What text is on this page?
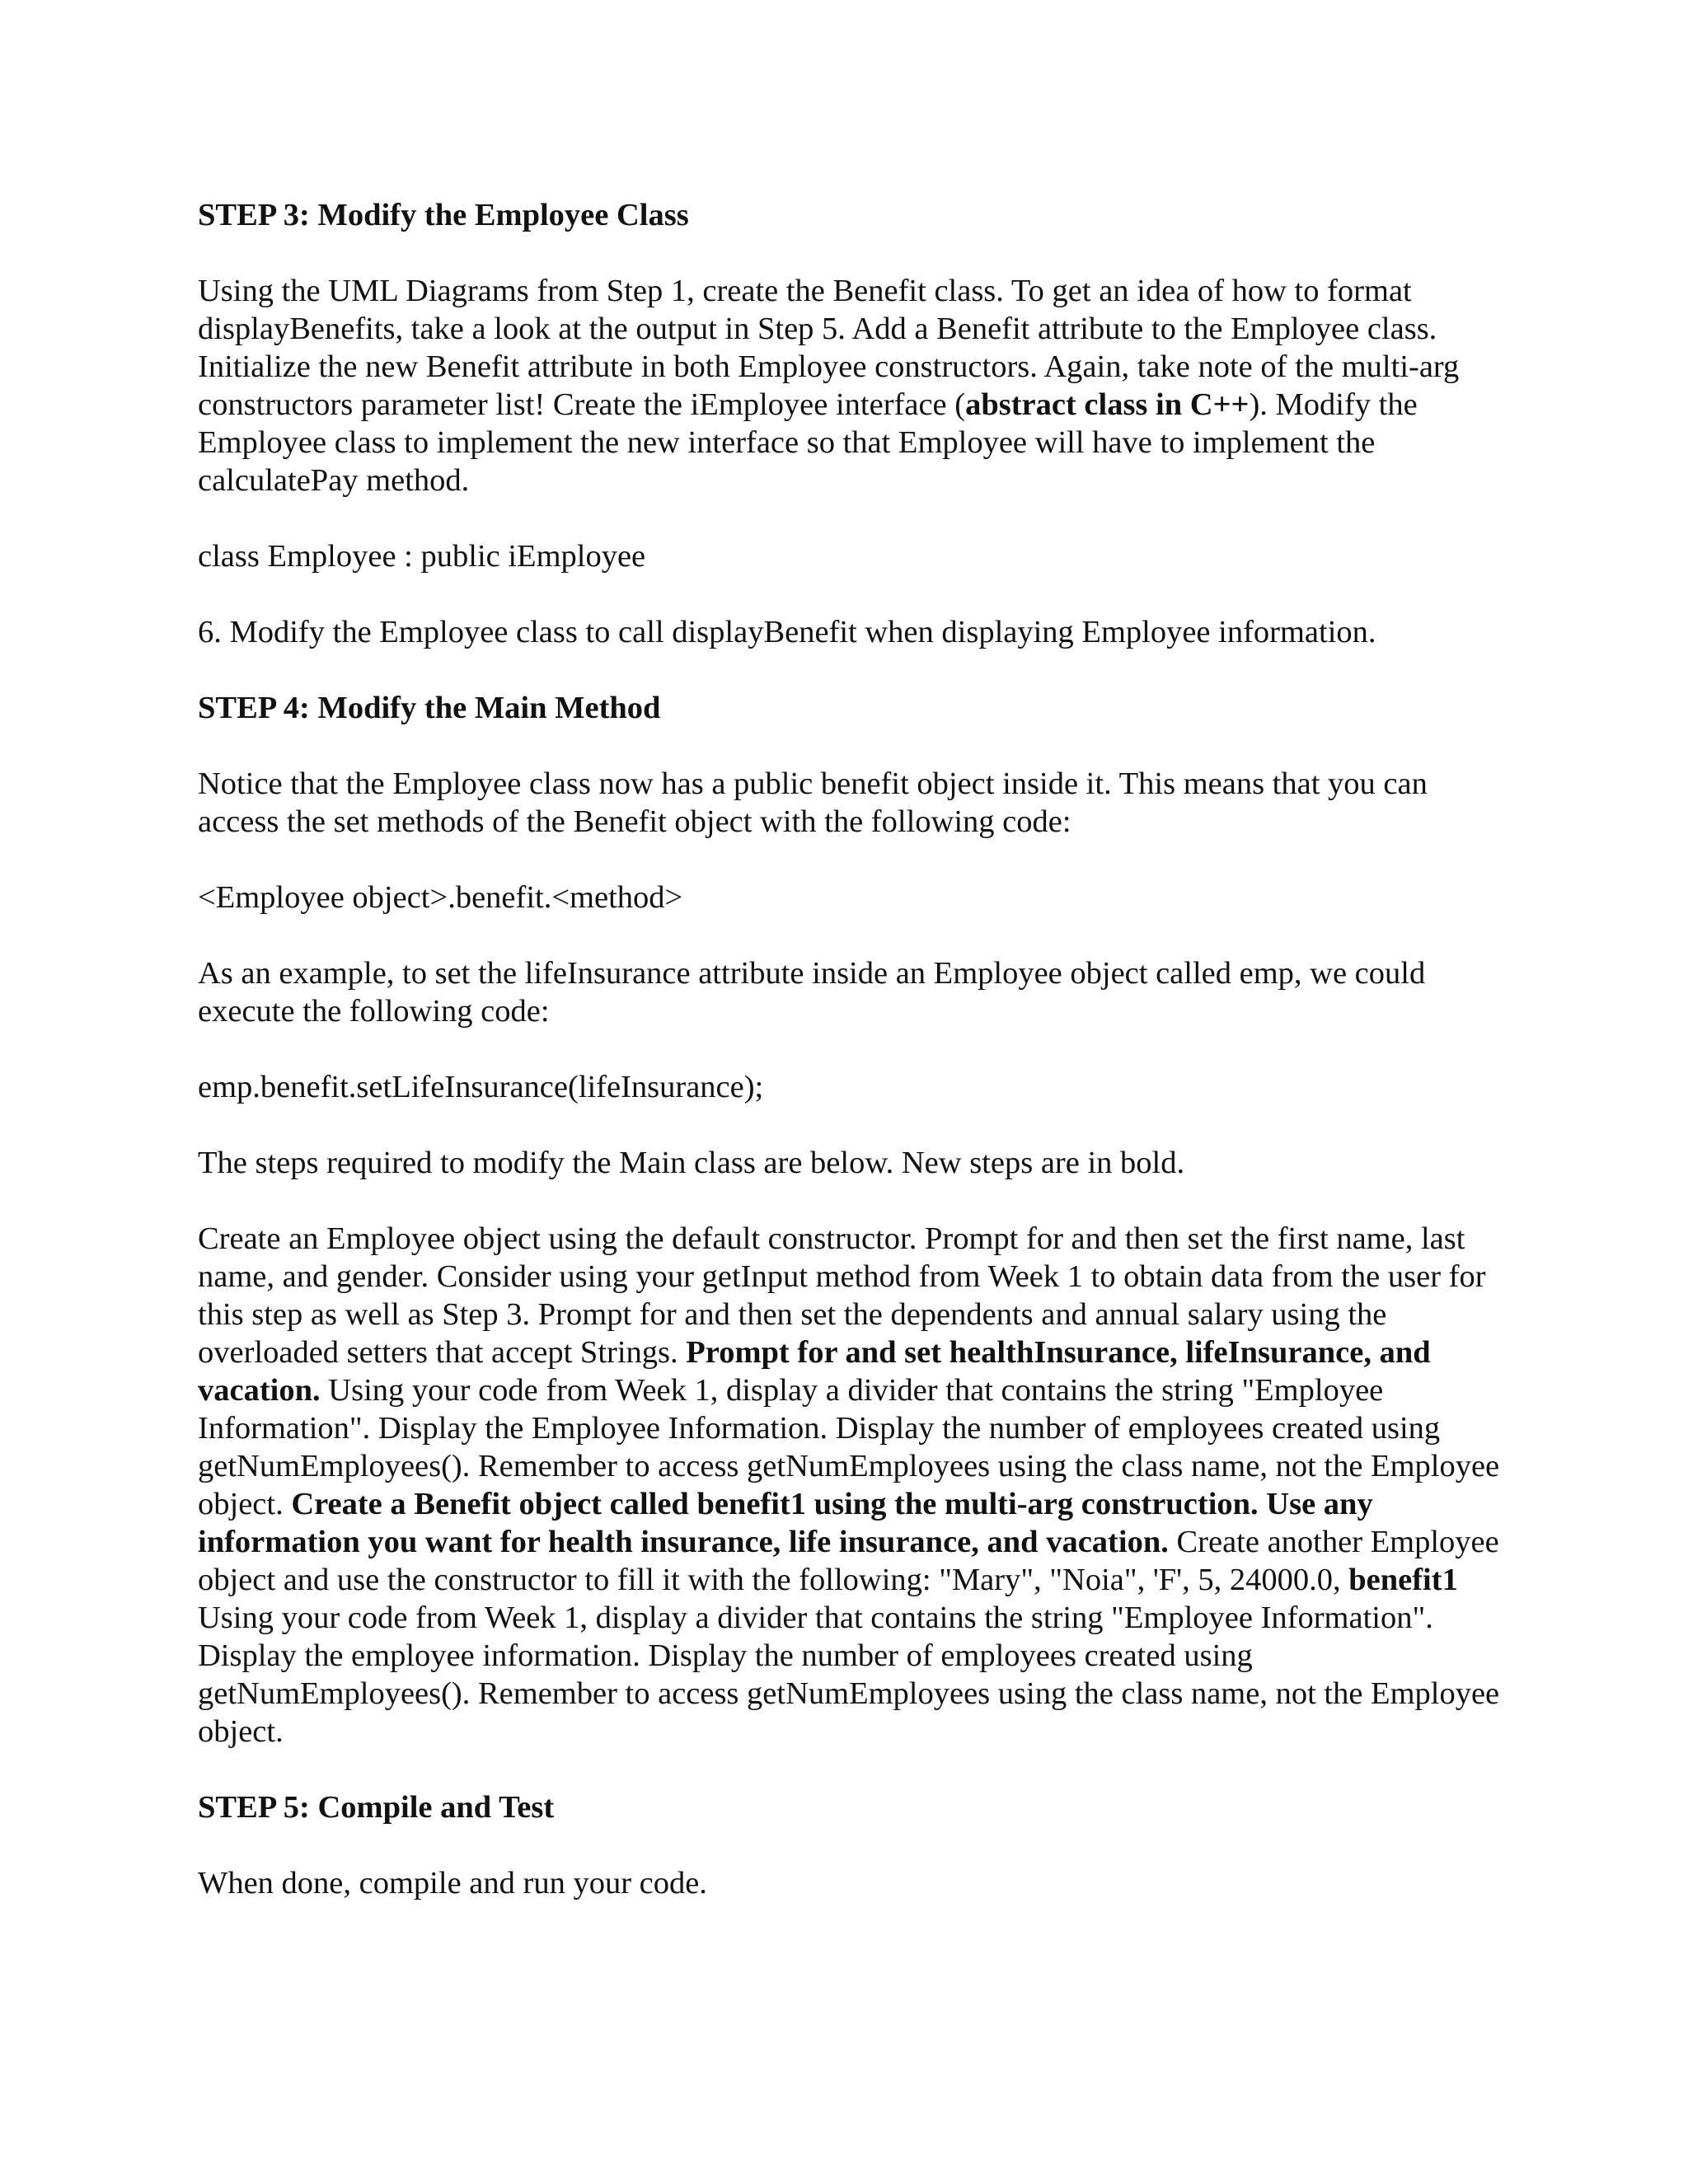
STEP 3: Modify the Employee Class

Using the UML Diagrams from Step 1, create the Benefit class. To get an idea of how to format displayBenefits, take a look at the output in Step 5. Add a Benefit attribute to the Employee class. Initialize the new Benefit attribute in both Employee constructors. Again, take note of the multi-arg constructors parameter list! Create the iEmployee interface (abstract class in C++). Modify the Employee class to implement the new interface so that Employee will have to implement the calculatePay method.

class Employee : public iEmployee

6. Modify the Employee class to call displayBenefit when displaying Employee information.

STEP 4: Modify the Main Method

Notice that the Employee class now has a public benefit object inside it. This means that you can access the set methods of the Benefit object with the following code:

<Employee object>.benefit.<method>

As an example, to set the lifeInsurance attribute inside an Employee object called emp, we could execute the following code:

emp.benefit.setLifeInsurance(lifeInsurance);

The steps required to modify the Main class are below. New steps are in bold.

Create an Employee object using the default constructor. Prompt for and then set the first name, last name, and gender. Consider using your getInput method from Week 1 to obtain data from the user for this step as well as Step 3. Prompt for and then set the dependents and annual salary using the overloaded setters that accept Strings. Prompt for and set healthInsurance, lifeInsurance, and vacation. Using your code from Week 1, display a divider that contains the string "Employee Information". Display the Employee Information. Display the number of employees created using getNumEmployees(). Remember to access getNumEmployees using the class name, not the Employee object. Create a Benefit object called benefit1 using the multi-arg construction. Use any information you want for health insurance, life insurance, and vacation. Create another Employee object and use the constructor to fill it with the following: "Mary", "Noia", 'F', 5, 24000.0, benefit1 Using your code from Week 1, display a divider that contains the string "Employee Information". Display the employee information. Display the number of employees created using getNumEmployees(). Remember to access getNumEmployees using the class name, not the Employee object.

STEP 5: Compile and Test

When done, compile and run your code.
